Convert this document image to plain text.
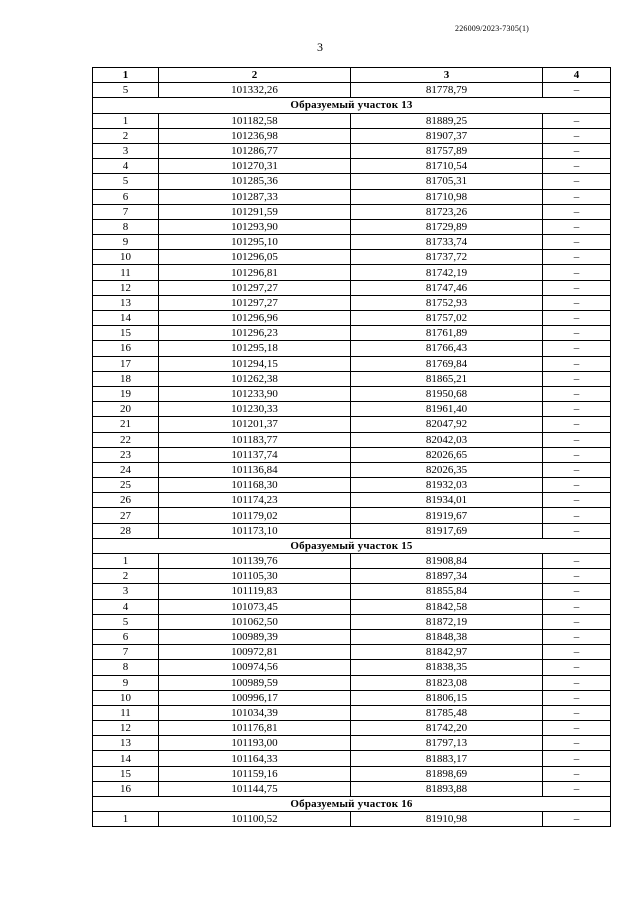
226009/2023-7305(1)
3
1	2	3	4
5	101332,26	81778,79	–
Образуемый участок 13			
1	101182,58	81889,25	–
2	101236,98	81907,37	–
3	101286,77	81757,89	–
4	101270,31	81710,54	–
5	101285,36	81705,31	–
6	101287,33	81710,98	–
7	101291,59	81723,26	–
8	101293,90	81729,89	–
9	101295,10	81733,74	–
10	101296,05	81737,72	–
11	101296,81	81742,19	–
12	101297,27	81747,46	–
13	101297,27	81752,93	–
14	101296,96	81757,02	–
15	101296,23	81761,89	–
16	101295,18	81766,43	–
17	101294,15	81769,84	–
18	101262,38	81865,21	–
19	101233,90	81950,68	–
20	101230,33	81961,40	–
21	101201,37	82047,92	–
22	101183,77	82042,03	–
23	101137,74	82026,65	–
24	101136,84	82026,35	–
25	101168,30	81932,03	–
26	101174,23	81934,01	–
27	101179,02	81919,67	–
28	101173,10	81917,69	–
Образуемый участок 15			
1	101139,76	81908,84	–
2	101105,30	81897,34	–
3	101119,83	81855,84	–
4	101073,45	81842,58	–
5	101062,50	81872,19	–
6	100989,39	81848,38	–
7	100972,81	81842,97	–
8	100974,56	81838,35	–
9	100989,59	81823,08	–
10	100996,17	81806,15	–
11	101034,39	81785,48	–
12	101176,81	81742,20	–
13	101193,00	81797,13	–
14	101164,33	81883,17	–
15	101159,16	81898,69	–
16	101144,75	81893,88	–
Образуемый участок 16			
1	101100,52	81910,98	–
